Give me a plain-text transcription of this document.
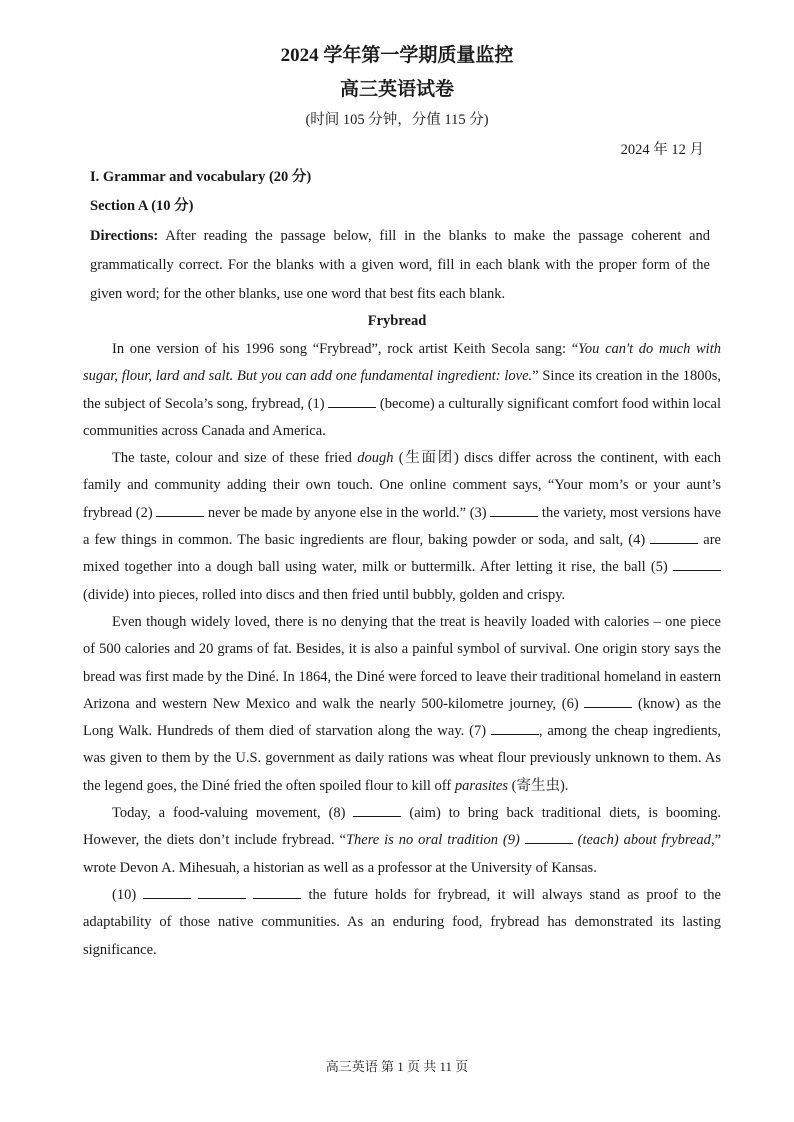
2024 学年第一学期质量监控
高三英语试卷
(时间 105 分钟，分值 115 分)
2024 年 12 月
I. Grammar and vocabulary (20 分)
Section A (10 分)
Directions: After reading the passage below, fill in the blanks to make the passage coherent and grammatically correct. For the blanks with a given word, fill in each blank with the proper form of the given word; for the other blanks, use one word that best fits each blank.
Frybread

In one version of his 1996 song “Frybread”, rock artist Keith Secola sang: “You can't do much with sugar, flour, lard and salt. But you can add one fundamental ingredient: love.” Since its creation in the 1800s, the subject of Secola’s song, frybread, (1)	(become) a culturally significant comfort food within local communities across Canada and America.

The taste, colour and size of these fried dough (生面团) discs differ across the continent, with each family and community adding their own touch. One online comment says, “Your mom’s or your aunt’s frybread (2)	never be made by anyone else in the world.” (3)	the variety, most versions have a few things in common. The basic ingredients are flour, baking powder or soda, and salt, (4)	are mixed together into a dough ball using water, milk or buttermilk. After letting it rise, the ball (5)  (divide) into pieces, rolled into discs and then fried until bubbly, golden and crispy.

Even though widely loved, there is no denying that the treat is heavily loaded with calories – one piece of 500 calories and 20 grams of fat. Besides, it is also a painful symbol of survival. One origin story says the bread was first made by the Diné. In 1864, the Diné were forced to leave their traditional homeland in eastern Arizona and western New Mexico and walk the nearly 500-kilometre journey, (6)	(know) as the Long Walk. Hundreds of them died of starvation along the way. (7)	, among the cheap ingredients, was given to them by the U.S. government as daily rations was wheat flour previously unknown to them. As the legend goes, the Diné fried the often spoiled flour to kill off parasites (寄生虫).

Today, a food-valuing movement, (8)	(aim) to bring back traditional diets, is booming. However, the diets don’t include frybread. “There is no oral tradition (9)	(teach) about frybread,” wrote Devon A. Mihesuah, a historian as well as a professor at the University of Kansas.

(10)	the future holds for frybread, it will always stand as proof to the adaptability of those native communities. As an enduring food, frybread has demonstrated its lasting significance.

高三英语 第 1 页 共 11 页
